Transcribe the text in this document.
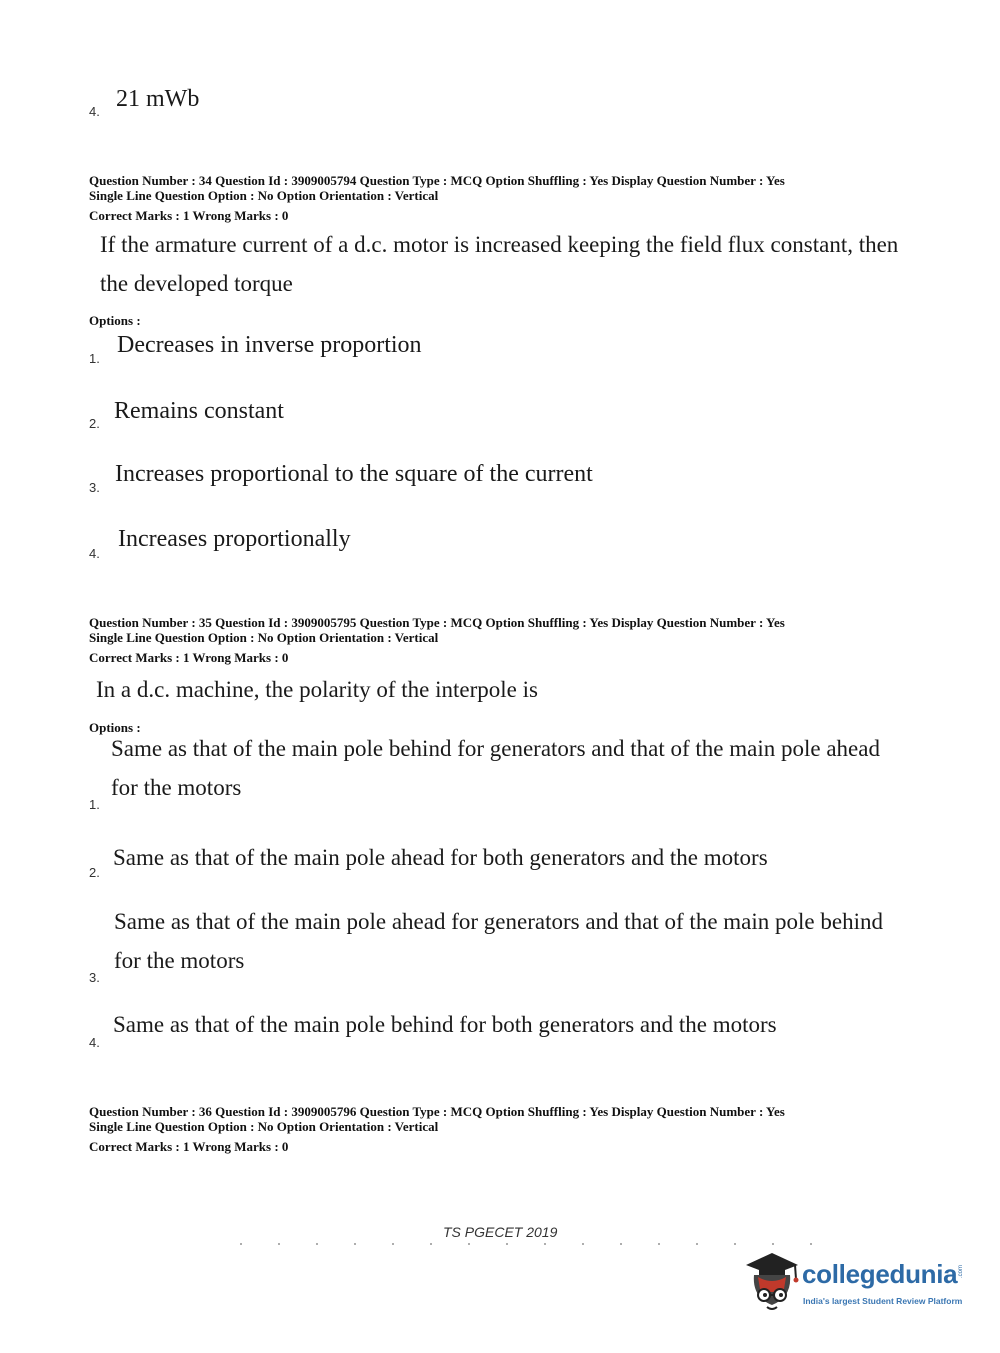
4. 21 mWb
Question Number : 34 Question Id : 3909005794 Question Type : MCQ Option Shuffling : Yes Display Question Number : Yes
Single Line Question Option : No Option Orientation : Vertical
Correct Marks : 1 Wrong Marks : 0
If the armature current of a d.c. motor is increased keeping the field flux constant, then
the developed torque
Options :
1.
Decreases in inverse proportion
2. Remains constant
3.
Increases proportional to the square of the current
4.
Increases proportionally
Question Number : 35 Question Id : 3909005795 Question Type : MCQ Option Shuffling : Yes Display Question Number : Yes
Single Line Question Option : No Option Orientation : Vertical
Correct Marks : 1 Wrong Marks : 0
In a d.c. machine, the polarity of the interpole is
Options :
Same as that of the main pole behind for generators and that of the main pole ahead
for the motors
1.
Same as that of the main pole ahead for both generators and the motors
2.
Same as that of the main pole ahead for generators and that of the main pole behind
for the motors
3.
Same as that of the main pole behind for both generators and the motors
4.
Question Number : 36 Question Id : 3909005796 Question Type : MCQ Option Shuffling : Yes Display Question Number : Yes
Single Line Question Option : No Option Orientation : Vertical
Correct Marks : 1 Wrong Marks : 0
TS PGECET 2019
collegedunia .com
India's largest Student Review Platform
